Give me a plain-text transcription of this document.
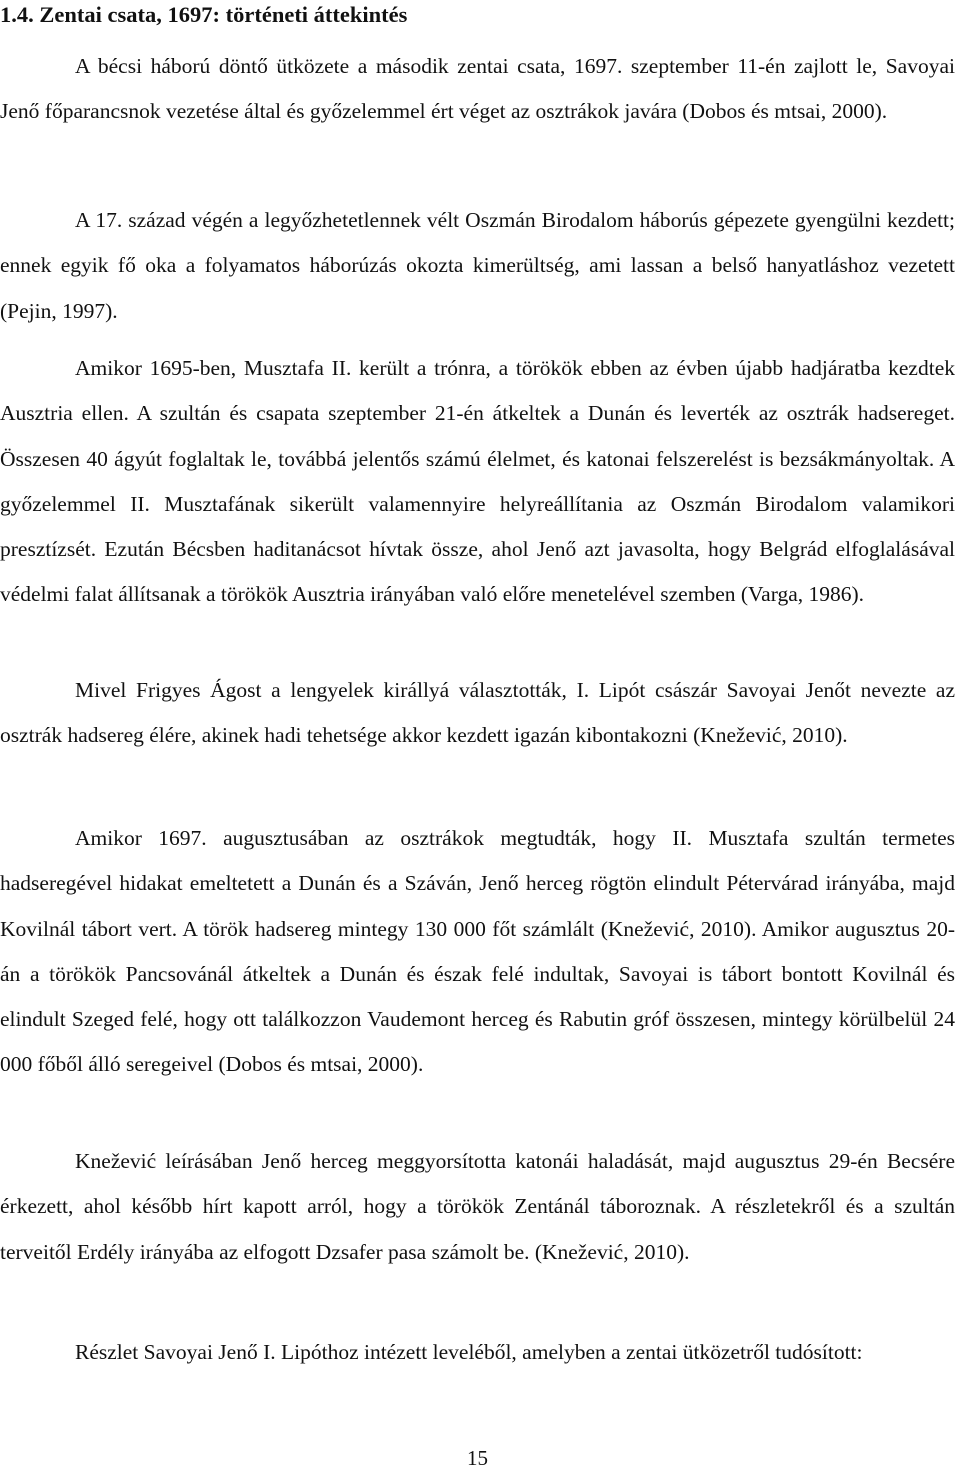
1.4. Zentai csata, 1697: történeti áttekintés

A bécsi háború döntő ütközete a második zentai csata, 1697. szeptember 11-én zajlott le, Savoyai Jenő főparancsnok vezetése által és győzelemmel ért véget az osztrákok javára (Dobos és mtsai, 2000).

A 17. század végén a legyőzhetetlennek vélt Oszmán Birodalom háborús gépezete gyengülni kezdett; ennek egyik fő oka a folyamatos háborúzás okozta kimerültség, ami lassan a belső hanyatláshoz vezetett (Pejin, 1997).

Amikor 1695-ben, Musztafa II. került a trónra, a törökök ebben az évben újabb hadjáratba kezdtek Ausztria ellen. A szultán és csapata szeptember 21-én átkeltek a Dunán és leverték az osztrák hadsereget. Összesen 40 ágyút foglaltak le, továbbá jelentős számú élelmet, és katonai felszerelést is bezsákmányoltak. A győzelemmel II. Musztafának sikerült valamennyire helyreállítania az Oszmán Birodalom valamikori presztízsét. Ezután Bécsben haditanácsot hívtak össze, ahol Jenő azt javasolta, hogy Belgrád elfoglalásával védelmi falat állítsanak a törökök Ausztria irányában való előre menetelével szemben (Varga, 1986).

Mivel Frigyes Ágost a lengyelek királlyá választották, I. Lipót császár Savoyai Jenőt nevezte az osztrák hadsereg élére, akinek hadi tehetsége akkor kezdett igazán kibontakozni (Knežević, 2010).

Amikor 1697. augusztusában az osztrákok megtudták, hogy II. Musztafa szultán termetes hadseregével hidakat emeltetett a Dunán és a Száván, Jenő herceg rögtön elindult Pétervárad irányába, majd Kovilnál tábort vert. A török hadsereg mintegy 130 000 főt számlált (Knežević, 2010). Amikor augusztus 20-án a törökök Pancsovánál átkeltek a Dunán és észak felé indultak, Savoyai is tábort bontott Kovilnál és elindult Szeged felé, hogy ott találkozzon Vaudemont herceg és Rabutin gróf összesen, mintegy körülbelül 24 000 főből álló seregeivel (Dobos és mtsai, 2000).

Knežević leírásában Jenő herceg meggyorsította katonái haladását, majd augusztus 29-én Becsére érkezett, ahol később hírt kapott arról, hogy a törökök Zentánál táboroznak. A részletekről és a szultán terveitől Erdély irányába az elfogott Dzsafer pasa számolt be. (Knežević, 2010).

Részlet Savoyai Jenő I. Lipóthoz intézett leveléből, amelyben a zentai ütközetről tudósított:

15
